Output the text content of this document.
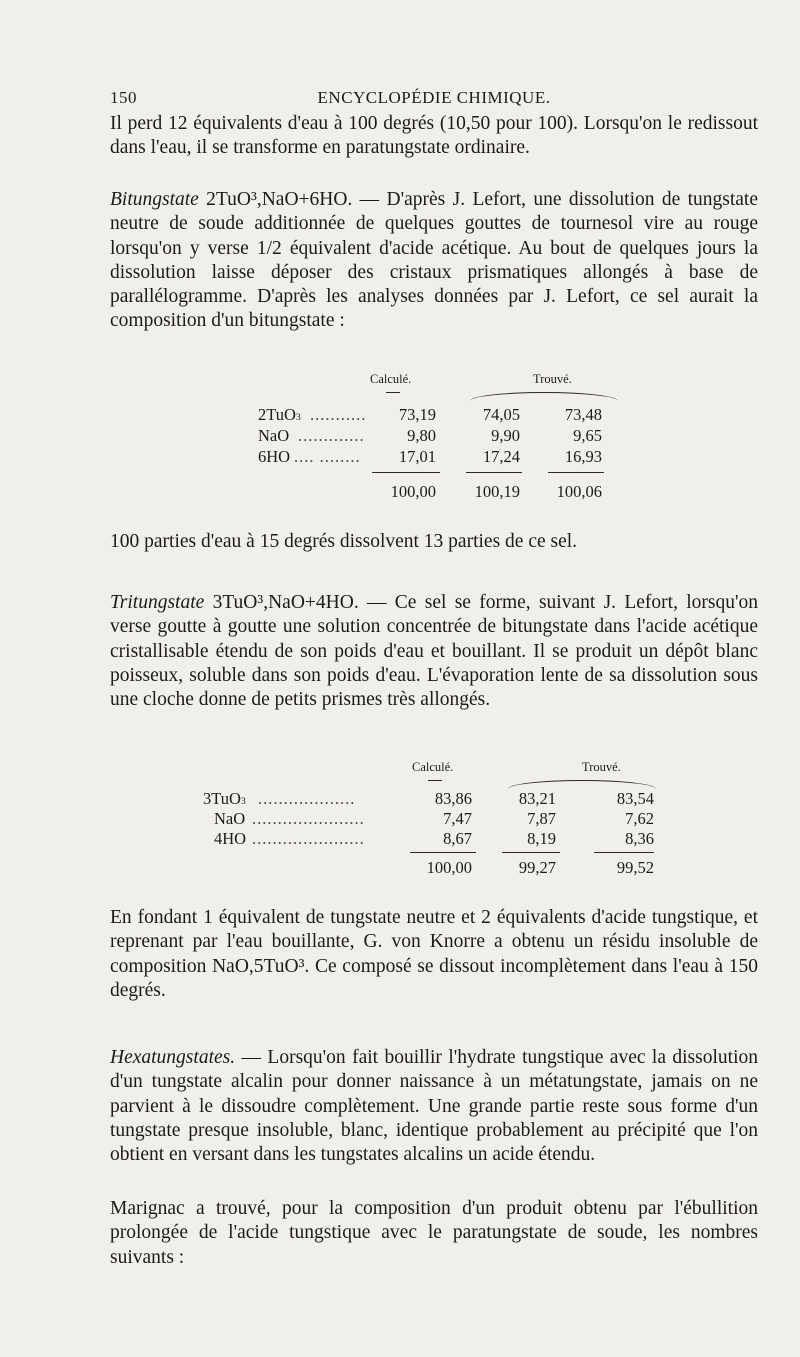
150	ENCYCLOPÉDIE CHIMIQUE.

Il perd 12 équivalents d'eau à 100 degrés (10,50 pour 100). Lorsqu'on le redissout dans l'eau, il se transforme en paratungstate ordinaire.

Bitungstate 2TuO³,NaO+6HO. — D'après J. Lefort, une dissolution de tungstate neutre de soude additionnée de quelques gouttes de tournesol vire au rouge lorsqu'on y verse 1/2 équivalent d'acide acétique. Au bout de quelques jours la dissolution laisse déposer des cristaux prismatiques allongés à base de parallélogramme. D'après les analyses données par J. Lefort, ce sel aurait la composition d'un bitungstate :

Calculé.	Trouvé.
2TuO$^3$ ...........	73,19	74,05	73,48
NaO .............	9,80	9,90	9,65
6HO .... ........	17,01	17,24	16,93
100,00	100,19	100,06

100 parties d'eau à 15 degrés dissolvent 13 parties de ce sel.

Tritungstate 3TuO³,NaO+4HO. — Ce sel se forme, suivant J. Lefort, lorsqu'on verse goutte à goutte une solution concentrée de bitungstate dans l'acide acétique cristallisable étendu de son poids d'eau et bouillant. Il se produit un dépôt blanc poisseux, soluble dans son poids d'eau. L'évaporation lente de sa dissolution sous une cloche donne de petits prismes très allongés.

Calculé.	Trouvé.
3TuO$^3$ ...................	83,86	83,21	83,54
NaO ......................	7,47	7,87	7,62
4HO ......................	8,67	8,19	8,36
100,00	99,27	99,52

En fondant 1 équivalent de tungstate neutre et 2 équivalents d'acide tungstique, et reprenant par l'eau bouillante, G. von Knorre a obtenu un résidu insoluble de composition NaO,5TuO³. Ce composé se dissout incomplètement dans l'eau à 150 degrés.

Hexatungstates. — Lorsqu'on fait bouillir l'hydrate tungstique avec la dissolution d'un tungstate alcalin pour donner naissance à un métatungstate, jamais on ne parvient à le dissoudre complètement. Une grande partie reste sous forme d'un tungstate presque insoluble, blanc, identique probablement au précipité que l'on obtient en versant dans les tungstates alcalins un acide étendu.

Marignac a trouvé, pour la composition d'un produit obtenu par l'ébullition prolongée de l'acide tungstique avec le paratungstate de soude, les nombres suivants :
